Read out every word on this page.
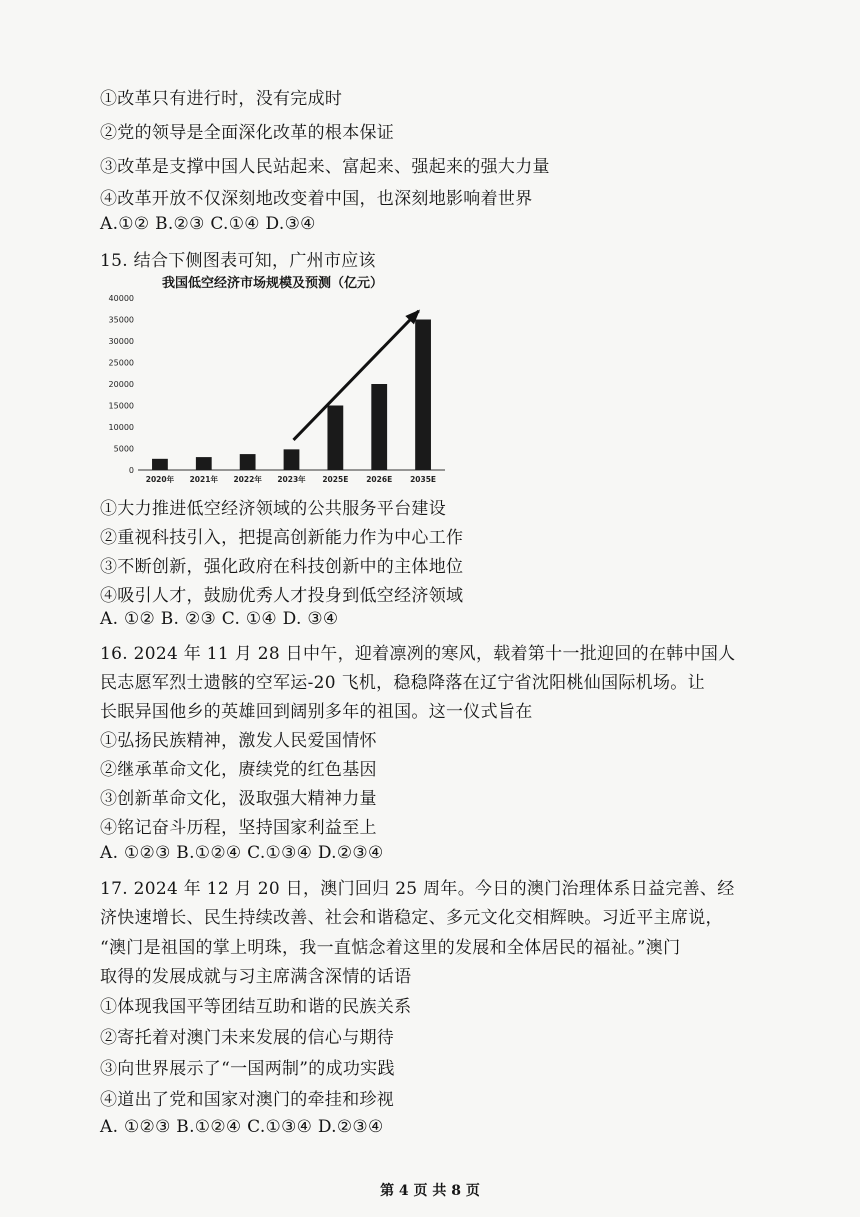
①改革只有进行时，没有完成时
②党的领导是全面深化改革的根本保证
③改革是支撑中国人民站起来、富起来、强起来的强大力量
④改革开放不仅深刻地改变着中国，也深刻地影响着世界
A.①② B.②③ C.①④ D.③④
15. 结合下侧图表可知，广州市应该
我国低空经济市场规模及预测（亿元）
0
5000
10000
15000
20000
25000
30000
35000
40000
2020年 2021年 2022年 2023年 2025E 2026E 2035E
①大力推进低空经济领域的公共服务平台建设
②重视科技引入，把提高创新能力作为中心工作
③不断创新，强化政府在科技创新中的主体地位
④吸引人才，鼓励优秀人才投身到低空经济领域
A. ①② B. ②③ C. ①④ D. ③④
16. 2024 年 11 月 28 日中午，迎着凛冽的寒风，载着第十一批迎回的在韩中国人
民志愿军烈士遗骸的空军运-20 飞机，稳稳降落在辽宁省沈阳桃仙国际机场。让
长眠异国他乡的英雄回到阔别多年的祖国。这一仪式旨在
①弘扬民族精神，激发人民爱国情怀
②继承革命文化，赓续党的红色基因
③创新革命文化，汲取强大精神力量
④铭记奋斗历程，坚持国家利益至上
A. ①②③ B.①②④ C.①③④ D.②③④
17. 2024 年 12 月 20 日，澳门回归 25 周年。今日的澳门治理体系日益完善、经
济快速增长、民生持续改善、社会和谐稳定、多元文化交相辉映。习近平主席说，
“澳门是祖国的掌上明珠，我一直惦念着这里的发展和全体居民的福祉。”澳门
取得的发展成就与习主席满含深情的话语
①体现我国平等团结互助和谐的民族关系
②寄托着对澳门未来发展的信心与期待
③向世界展示了“一国两制”的成功实践
④道出了党和国家对澳门的牵挂和珍视
A. ①②③ B.①②④ C.①③④ D.②③④
第 4 页 共 8 页
